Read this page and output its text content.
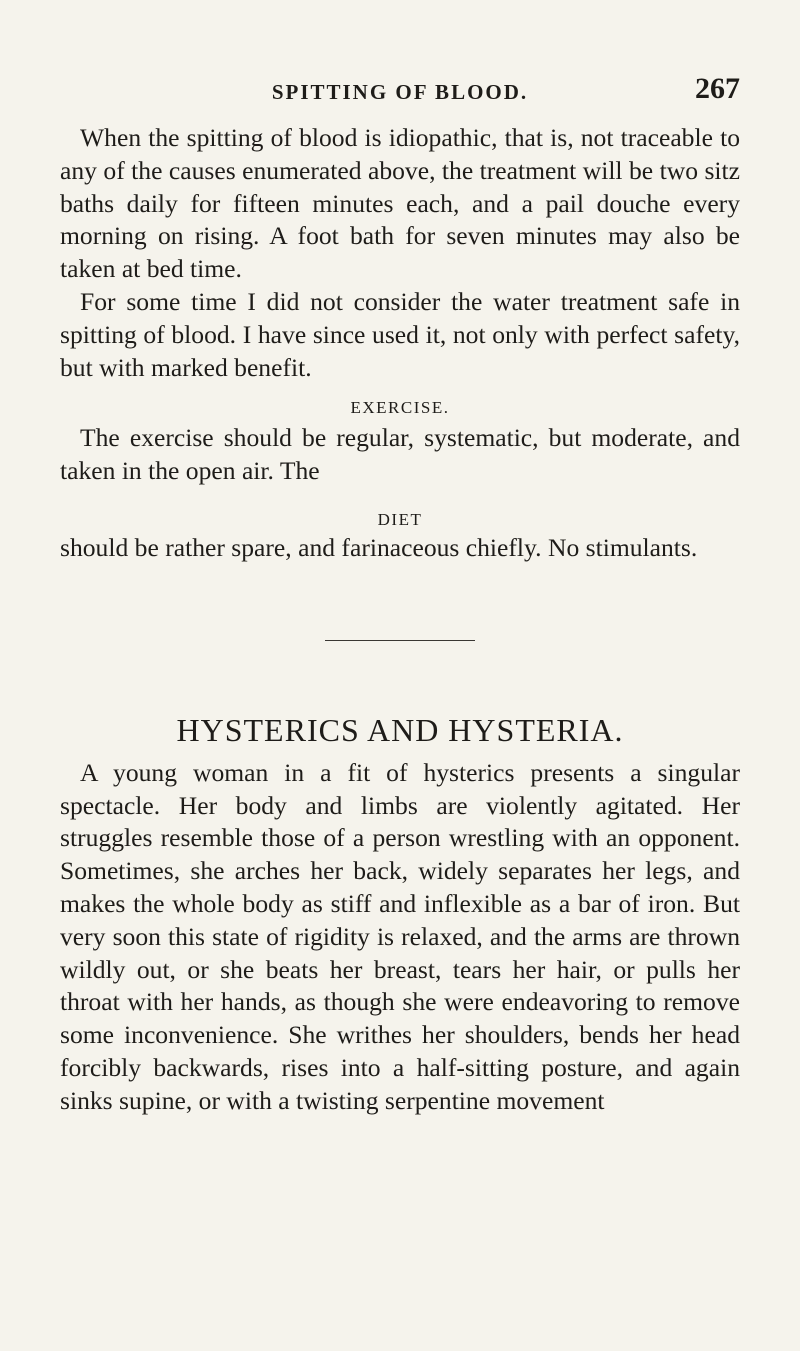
SPITTING OF BLOOD.	267

When the spitting of blood is idiopathic, that is, not traceable to any of the causes enumerated above, the treatment will be two sitz baths daily for fifteen minutes each, and a pail douche every morning on rising. A foot bath for seven minutes may also be taken at bed time.

For some time I did not consider the water treatment safe in spitting of blood. I have since used it, not only with perfect safety, but with marked benefit.

EXERCISE.

The exercise should be regular, systematic, but moderate, and taken in the open air. The

DIET

should be rather spare, and farinaceous chiefly. No stimulants.

HYSTERICS AND HYSTERIA.

A young woman in a fit of hysterics presents a singular spectacle. Her body and limbs are violently agitated. Her struggles resemble those of a person wrestling with an opponent. Sometimes, she arches her back, widely separates her legs, and makes the whole body as stiff and inflexible as a bar of iron. But very soon this state of rigidity is relaxed, and the arms are thrown wildly out, or she beats her breast, tears her hair, or pulls her throat with her hands, as though she were endeavoring to remove some inconvenience. She writhes her shoulders, bends her head forcibly backwards, rises into a half-sitting posture, and again sinks supine, or with a twisting serpentine movement
